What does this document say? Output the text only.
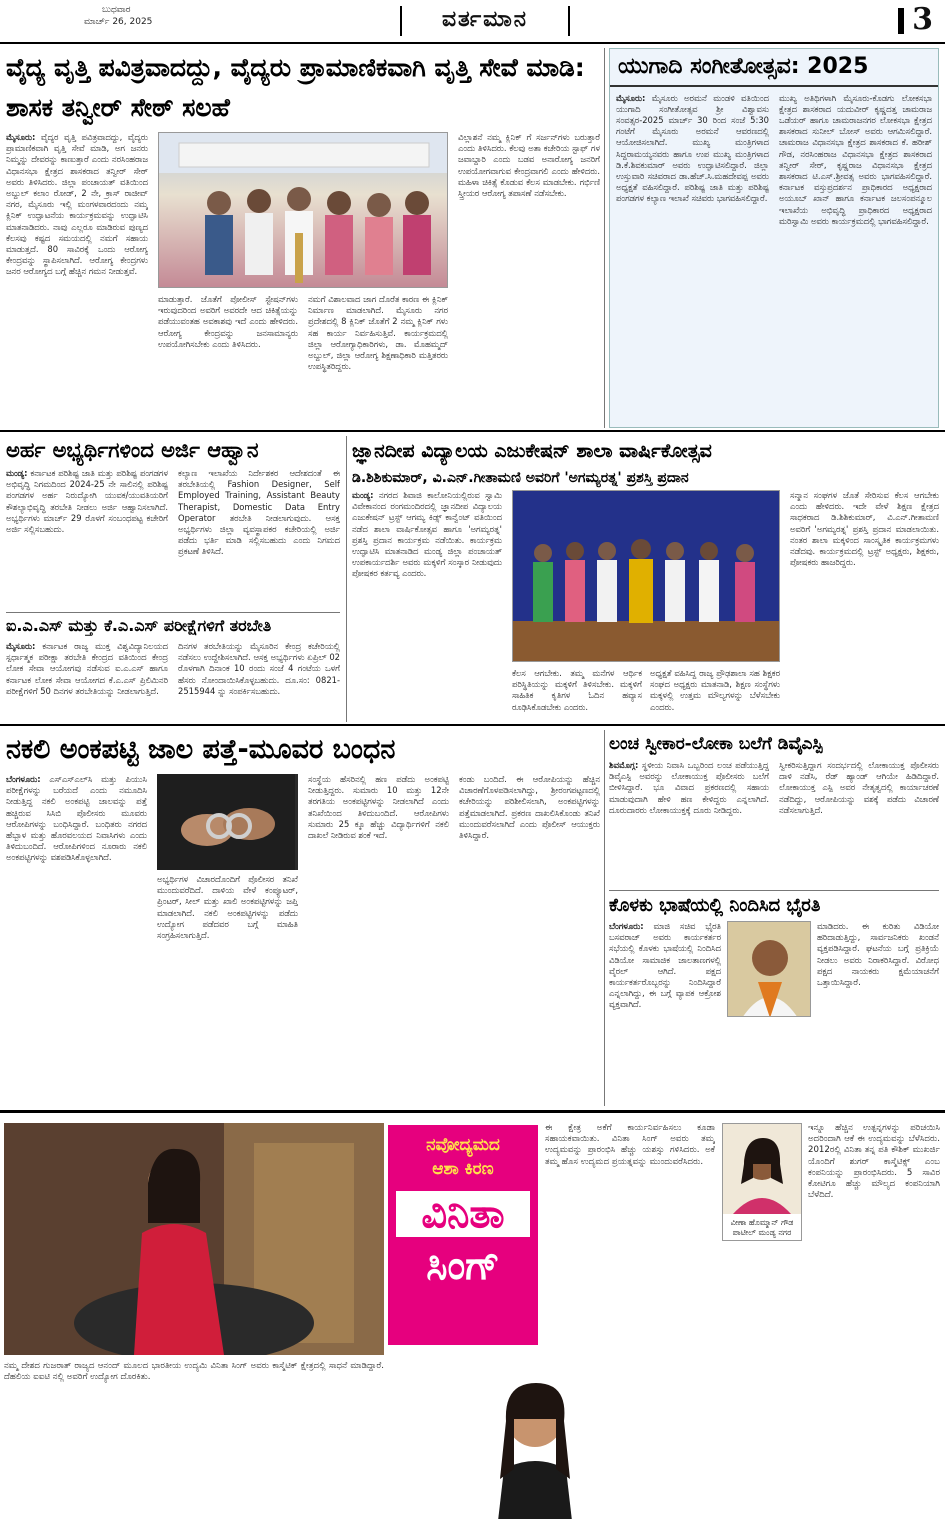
ಬುಧವಾರ
ಮಾರ್ಚ್ 26, 2025	ವರ್ತಮಾನ	3
ವೈದ್ಯ ವೃತ್ತಿ ಪವಿತ್ರವಾದದ್ದು, ವೈದ್ಯರು ಪ್ರಾಮಾಣಿಕವಾಗಿ ವೃತ್ತಿ ಸೇವೆ ಮಾಡಿ: ಶಾಸಕ ತನ್ವೀರ್ ಸೇಠ್ ಸಲಹೆ
ಮೈಸೂರು: ವೈದ್ಯರ ವೃತ್ತಿ ಪವಿತ್ರವಾದದ್ದು, ವೈದ್ಯರು ಪ್ರಾಮಾಣಿಕವಾಗಿ ವೃತ್ತಿ ಸೇವೆ ಮಾಡಿ, ಅಗ ಜನರು ನಿಮ್ಮನ್ನು ದೇವರನ್ನು ಕಾಣುತ್ತಾರೆ ಎಂದು ನರಸಿಂಹರಾಜ ವಿಧಾನಸಭಾ ಕ್ಷೇತ್ರದ ಶಾಸಕರಾದ ತನ್ವೀರ್ ಸೇಠ್ ಅವರು ತಿಳಿಸಿದರು. ಜಿಲ್ಲಾ ಪಂಚಾಯತ್ ವತಿಯಿಂದ ಅಬ್ದುಲ್ ಕಲಾಂ ರೋಡ್, 2 ನೇ, ಕ್ರಾಸ್ ರಾಜೀವ್ ನಗರ, ಮೈಸೂರು ಇಲ್ಲಿ ಮಂಗಳವಾರದಂದು ನಮ್ಮ ಕ್ಲಿನಿಕ್ ಉದ್ಘಾಟನೆಯ ಕಾರ್ಯಕ್ರಮವನ್ನು ಉದ್ಘಾಟಿಸಿ ಮಾತನಾಡಿದರು. ನಾವು ಎಲ್ಲರೂ ಮಾಡಿರುವ ಪುಣ್ಯದ ಕೆಲಸವು ಕಷ್ಟದ ಸಮಯದಲ್ಲಿ ನಮಗೆ ಸಹಾಯ ಮಾಡುತ್ತದೆ. 80 ಸಾವಿರಕ್ಕೆ ಒಂದು ಆರೋಗ್ಯ ಕೇಂದ್ರವನ್ನು ಸ್ಥಾಪಿಸಲಾಗಿದೆ. ಆರೋಗ್ಯ ಕೇಂದ್ರಗಳು ಜನರ ಆರೋಗ್ಯದ ಬಗ್ಗೆ ಹೆಚ್ಚಿನ ಗಮನ ನೀಡುತ್ತವೆ.
ಮಾಡುತ್ತಾರೆ. ಜೊತೆಗೆ ಪೋಲೀಸ್ ಸ್ಟೇಷನ್‌ಗಳು ಇರುವುದರಿಂದ ಅವರಿಗೆ ಅವರದೇ ಆದ ಚಿಕಿತ್ಸೆಯನ್ನು ಪಡೆಯುವಂತಹ ಅವಕಾಶವು ಇದೆ ಎಂದು ಹೇಳಿದರು. ಆರೋಗ್ಯ ಕೇಂದ್ರವನ್ನು ಜನಸಾಮಾನ್ಯರು ಉಪಯೋಗಿಸಬೇಕು ಎಂದು ತಿಳಿಸಿದರು.
ನಮಗೆ ವಿಶಾಲವಾದ ಜಾಗ ದೊರೆತ ಕಾರಣ ಈ ಕ್ಲಿನಿಕ್ ನಿರ್ಮಾಣ ಮಾಡಲಾಗಿದೆ. ಮೈಸೂರು ನಗರ ಪ್ರದೇಶದಲ್ಲಿ 8 ಕ್ಲಿನಿಕ್ ಜೊತೆಗೆ 2 ನಮ್ಮ ಕ್ಲಿನಿಕ್ ಗಳು ಸಹ ಕಾರ್ಯ ನಿರ್ವಹಿಸುತ್ತಿವೆ. ಕಾರ್ಯಕ್ರಮದಲ್ಲಿ ಜಿಲ್ಲಾ ಆರೋಗ್ಯಾಧಿಕಾರಿಗಳು, ಡಾ. ಮೊಹಮ್ಮದ್ ಅಬ್ದುಲ್, ಜಿಲ್ಲಾ ಆರೋಗ್ಯ ಶಿಕ್ಷಣಾಧಿಕಾರಿ ಮತ್ತಿತರರು ಉಪಸ್ಥಿತರಿದ್ದರು.
ವಿಲ್ಲಾಶನೆ ನಮ್ಮ ಕ್ಲಿನಿಕ್ ಗೆ ಸರ್ಜನ್‌ಗಳು ಬರುತ್ತಾರೆ ಎಂದು ತಿಳಿಸಿದರು. ಕೆಲವು ಅತಾ ಕಚೇರಿಯ ಸ್ಟಾಫ್ ಗಳ ಜವಾಬ್ದಾರಿ ಎಂದು ಬಡವ ಅನಾರೋಗ್ಯ ಜನರಿಗೆ ಉಪಯೋಗವಾಗುವ ಕೇಂದ್ರವಾಗಲಿ ಎಂದು ಹೇಳಿದರು. ಮಹಿಳಾ ಚಿಕಿತ್ಸೆ ಕೊಡುವ ಕೆಲಸ ಮಾಡಬೇಕು. ಗರ್ಭಿಣಿ ಸ್ತ್ರೀಯರ ಆರೋಗ್ಯ ತಪಾಸಣೆ ನಡೆಸಬೇಕು.
ಯುಗಾದಿ ಸಂಗೀತೋತ್ಸವ: 2025
ಮೈಸೂರು: ಮೈಸೂರು ಅರಮನೆ ಮಂಡಳಿ ವತಿಯಿಂದ ಯುಗಾದಿ ಸಂಗೀತೋತ್ಸವ ಶ್ರೀ ವಿಶ್ವಾವಸು ಸಂವತ್ಸರ-2025 ಮಾರ್ಚ್ 30 ರಿಂದ ಸಂಜೆ 5:30 ಗಂಟೆಗೆ ಮೈಸೂರು ಅರಮನೆ ಆವರಣದಲ್ಲಿ ಆಯೋಜಿಸಲಾಗಿದೆ. ಮುಖ್ಯ ಮಂತ್ರಿಗಳಾದ ಸಿದ್ದರಾಮಯ್ಯನವರು ಹಾಗೂ ಉಪ ಮುಖ್ಯ ಮಂತ್ರಿಗಳಾದ ಡಿ.ಕೆ.ಶಿವಕುಮಾರ್ ಅವರು ಉದ್ಘಾಟಿಸಲಿದ್ದಾರೆ. ಜಿಲ್ಲಾ ಉಸ್ತುವಾರಿ ಸಚಿವರಾದ ಡಾ.ಹೆಚ್.ಸಿ.ಮಹದೇವಪ್ಪ ಅವರು ಅಧ್ಯಕ್ಷತೆ ವಹಿಸಲಿದ್ದಾರೆ. ಪರಿಶಿಷ್ಟ ಜಾತಿ ಮತ್ತು ಪರಿಶಿಷ್ಟ ಪಂಗಡಗಳ ಕಲ್ಯಾಣ ಇಲಾಖೆ ಸಚಿವರು ಭಾಗವಹಿಸಲಿದ್ದಾರೆ.
ಮುಖ್ಯ ಅತಿಥಿಗಳಾಗಿ ಮೈಸೂರು-ಕೊಡಗು ಲೋಕಸಭಾ ಕ್ಷೇತ್ರದ ಶಾಸಕರಾದ ಯದುವೀರ್ ಕೃಷ್ಣದತ್ತ ಚಾಮರಾಜ ಒಡೆಯರ್ ಹಾಗೂ ಚಾಮರಾಜನಗರ ಲೋಕಸಭಾ ಕ್ಷೇತ್ರದ ಶಾಸಕರಾದ ಸುನೀಲ್ ಬೋಸ್ ಅವರು ಆಗಮಿಸಲಿದ್ದಾರೆ. ಚಾಮರಾಜ ವಿಧಾನಸಭಾ ಕ್ಷೇತ್ರದ ಶಾಸಕರಾದ ಕೆ. ಹರೀಶ್ ಗೌಡ, ನರಸಿಂಹರಾಜ ವಿಧಾನಸಭಾ ಕ್ಷೇತ್ರದ ಶಾಸಕರಾದ ತನ್ವೀರ್ ಸೇಠ್, ಕೃಷ್ಣರಾಜ ವಿಧಾನಸಭಾ ಕ್ಷೇತ್ರದ ಶಾಸಕರಾದ ಟಿ.ಎಸ್.ಶ್ರೀವತ್ಸ ಅವರು ಭಾಗವಹಿಸಲಿದ್ದಾರೆ. ಕರ್ನಾಟಕ ವಸ್ತುಪ್ರದರ್ಶನ ಪ್ರಾಧಿಕಾರದ ಅಧ್ಯಕ್ಷರಾದ ಅಯೂಬ್ ಖಾನ್ ಹಾಗೂ ಕರ್ನಾಟಕ ಜಲಸಂಪನ್ಮೂಲ ಇಲಾಖೆಯ ಅಭಿವೃದ್ಧಿ ಪ್ರಾಧಿಕಾರದ ಅಧ್ಯಕ್ಷರಾದ ಮರಿಸ್ವಾಮಿ ಅವರು ಕಾರ್ಯಕ್ರಮದಲ್ಲಿ ಭಾಗವಹಿಸಲಿದ್ದಾರೆ.
ಅರ್ಹ ಅಭ್ಯರ್ಥಿಗಳಿಂದ ಅರ್ಜಿ ಆಹ್ವಾನ
ಮಂಡ್ಯ: ಕರ್ನಾಟಕ ಪರಿಶಿಷ್ಟ ಜಾತಿ ಮತ್ತು ಪರಿಶಿಷ್ಟ ಪಂಗಡಗಳ ಅಭಿವೃದ್ಧಿ ನಿಗಮದಿಂದ 2024-25 ನೇ ಸಾಲಿನಲ್ಲಿ ಪರಿಶಿಷ್ಟ ಪಂಗಡಗಳ ಅರ್ಹ ನಿರುದ್ಯೋಗಿ ಯುವಕ/ಯುವತಿಯರಿಗೆ ಕೌಶಲ್ಯಾಭಿವೃದ್ಧಿ ತರಬೇತಿ ನೀಡಲು ಅರ್ಜಿ ಆಹ್ವಾನಿಸಲಾಗಿದೆ. ಅಭ್ಯರ್ಥಿಗಳು ಮಾರ್ಚ್ 29 ರೊಳಗೆ ಸಂಬಂಧಪಟ್ಟ ಕಚೇರಿಗೆ ಅರ್ಜಿ ಸಲ್ಲಿಸಬಹುದು.
ಕಲ್ಯಾಣ ಇಲಾಖೆಯ ನಿರ್ದೇಶಕರ ಆದೇಶದಂತೆ ಈ ತರಬೇತಿಯಲ್ಲಿ Fashion Designer, Self Employed Training, Assistant Beauty Therapist, Domestic Data Entry Operator ತರಬೇತಿ ನೀಡಲಾಗುವುದು. ಆಸಕ್ತ ಅಭ್ಯರ್ಥಿಗಳು ಜಿಲ್ಲಾ ವ್ಯವಸ್ಥಾಪಕರ ಕಚೇರಿಯಲ್ಲಿ ಅರ್ಜಿ ಪಡೆದು ಭರ್ತಿ ಮಾಡಿ ಸಲ್ಲಿಸಬಹುದು ಎಂದು ನಿಗಮದ ಪ್ರಕಟಣೆ ತಿಳಿಸಿದೆ.
ಐ.ಎ.ಎಸ್ ಮತ್ತು ಕೆ.ಎ.ಎಸ್ ಪರೀಕ್ಷೆಗಳಿಗೆ ತರಬೇತಿ
ಮೈಸೂರು: ಕರ್ನಾಟಕ ರಾಜ್ಯ ಮುಕ್ತ ವಿಶ್ವವಿದ್ಯಾನಿಲಯದ ಸ್ಪರ್ಧಾತ್ಮಕ ಪರೀಕ್ಷಾ ತರಬೇತಿ ಕೇಂದ್ರದ ವತಿಯಿಂದ ಕೇಂದ್ರ ಲೋಕ ಸೇವಾ ಆಯೋಗವು ನಡೆಸುವ ಐ.ಎ.ಎಸ್ ಹಾಗೂ ಕರ್ನಾಟಕ ಲೋಕ ಸೇವಾ ಆಯೋಗದ ಕೆ.ಎ.ಎಸ್ ಪ್ರಿಲಿಮಿನರಿ ಪರೀಕ್ಷೆಗಳಿಗೆ 50 ದಿನಗಳ ತರಬೇತಿಯನ್ನು ನೀಡಲಾಗುತ್ತಿದೆ.
ದಿನಗಳ ತರಬೇತಿಯನ್ನು ಮೈಸೂರಿನ ಕೇಂದ್ರ ಕಚೇರಿಯಲ್ಲಿ ನಡೆಸಲು ಉದ್ದೇಶಿಸಲಾಗಿದೆ. ಆಸಕ್ತ ಅಭ್ಯರ್ಥಿಗಳು ಏಪ್ರಿಲ್ 02 ರೊಳಗಾಗಿ ದಿನಾಂಕ 10 ರಂದು ಸಂಜೆ 4 ಗಂಟೆಯ ಒಳಗೆ ಹೆಸರು ನೋಂದಾಯಿಸಿಕೊಳ್ಳಬಹುದು. ದೂ.ಸಂ: 0821-2515944 ನ್ನು ಸಂಪರ್ಕಿಸಬಹುದು.
ಜ್ಞಾನದೀಪ ವಿದ್ಯಾಲಯ ಎಜುಕೇಷನ್ ಶಾಲಾ ವಾರ್ಷಿಕೋತ್ಸವ
ಡಿ.ಶಿಶಿಕುಮಾರ್, ವಿ.ಎನ್.ಗೀತಾಮಣಿ ಅವರಿಗೆ 'ಅಗಮ್ಯರತ್ನ' ಪ್ರಶಸ್ತಿ ಪ್ರದಾನ
ಮಂಡ್ಯ: ನಗರದ ಶಿವಾಜಿ ಕಾಲೋನಿಯಲ್ಲಿರುವ ಸ್ವಾಮಿ ವಿವೇಕಾನಂದ ರಂಗಮಂದಿರದಲ್ಲಿ ಜ್ಞಾನದೀಪ ವಿದ್ಯಾಲಯ ಎಜುಕೇಷನ್ ಟ್ರಸ್ಟ್ ಆಗಮ್ಯ ಕಿಡ್ಸ್ ಕಾನ್ವೆಂಟ್ ವತಿಯಿಂದ ನಡೆದ ಶಾಲಾ ವಾರ್ಷಿಕೋತ್ಸವ ಹಾಗೂ 'ಅಗಮ್ಯರತ್ನ' ಪ್ರಶಸ್ತಿ ಪ್ರದಾನ ಕಾರ್ಯಕ್ರಮ ನಡೆಯಿತು. ಕಾರ್ಯಕ್ರಮ ಉದ್ಘಾಟಿಸಿ ಮಾತನಾಡಿದ ಮಂಡ್ಯ ಜಿಲ್ಲಾ ಪಂಚಾಯತ್ ಉಪಕಾರ್ಯದರ್ಶಿ ಅವರು ಮಕ್ಕಳಿಗೆ ಸಂಸ್ಕಾರ ನೀಡುವುದು ಪೋಷಕರ ಕರ್ತವ್ಯ ಎಂದರು.
ಸನ್ಮಾನ ಸಂಘಗಳ ಜೊತೆ ಸೇರಿಸುವ ಕೆಲಸ ಆಗಬೇಕು ಎಂದು ಹೇಳಿದರು. ಇದೇ ವೇಳೆ ಶಿಕ್ಷಣ ಕ್ಷೇತ್ರದ ಸಾಧಕರಾದ ಡಿ.ಶಿಶಿಕುಮಾರ್, ವಿ.ಎನ್.ಗೀತಾಮಣಿ ಅವರಿಗೆ 'ಅಗಮ್ಯರತ್ನ' ಪ್ರಶಸ್ತಿ ಪ್ರದಾನ ಮಾಡಲಾಯಿತು. ನಂತರ ಶಾಲಾ ಮಕ್ಕಳಿಂದ ಸಾಂಸ್ಕೃತಿಕ ಕಾರ್ಯಕ್ರಮಗಳು ನಡೆದವು. ಕಾರ್ಯಕ್ರಮದಲ್ಲಿ ಟ್ರಸ್ಟ್ ಅಧ್ಯಕ್ಷರು, ಶಿಕ್ಷಕರು, ಪೋಷಕರು ಹಾಜರಿದ್ದರು.
ಕೆಲಸ ಆಗಬೇಕು. ತಮ್ಮ ಮನೆಗಳ ಆರ್ಥಿಕ ಪರಿಸ್ಥಿತಿಯನ್ನು ಮಕ್ಕಳಿಗೆ ತಿಳಿಸಬೇಕು. ಮಕ್ಕಳಿಗೆ ಸಾಹಿತಿಕ ಕೃತಿಗಳ ಓದಿನ ಹವ್ಯಾಸ ರೂಢಿಸಿಕೊಡಬೇಕು ಎಂದರು.
ಅಧ್ಯಕ್ಷತೆ ವಹಿಸಿದ್ದ ರಾಜ್ಯ ಪ್ರೌಢಶಾಲಾ ಸಹ ಶಿಕ್ಷಕರ ಸಂಘದ ಅಧ್ಯಕ್ಷರು ಮಾತನಾಡಿ, ಶಿಕ್ಷಣ ಸಂಸ್ಥೆಗಳು ಮಕ್ಕಳಲ್ಲಿ ಉತ್ತಮ ಮೌಲ್ಯಗಳನ್ನು ಬೆಳೆಸಬೇಕು ಎಂದರು.
ನಕಲಿ ಅಂಕಪಟ್ಟಿ ಜಾಲ ಪತ್ತೆ-ಮೂವರ ಬಂಧನ
ಬೆಂಗಳೂರು: ಎಸ್‌ಎಸ್‌ಎಲ್‌ಸಿ ಮತ್ತು ಪಿಯುಸಿ ಪರೀಕ್ಷೆಗಳನ್ನು ಬರೆಯದೆ ಎಂದು ನಮೂದಿಸಿ ನೀಡುತ್ತಿದ್ದ ನಕಲಿ ಅಂಕಪಟ್ಟಿ ಜಾಲವನ್ನು ಪತ್ತೆ ಹಚ್ಚಿರುವ ಸಿಸಿಬಿ ಪೊಲೀಸರು ಮೂವರು ಆರೋಪಿಗಳನ್ನು ಬಂಧಿಸಿದ್ದಾರೆ. ಬಂಧಿತರು ನಗರದ ಹೆಬ್ಬಾಳ ಮತ್ತು ಹೊರವಲಯದ ನಿವಾಸಿಗಳು ಎಂದು ತಿಳಿದುಬಂದಿದೆ. ಆರೋಪಿಗಳಿಂದ ನೂರಾರು ನಕಲಿ ಅಂಕಪಟ್ಟಿಗಳನ್ನು ವಶಪಡಿಸಿಕೊಳ್ಳಲಾಗಿದೆ.
ಅಭ್ಯರ್ಥಿಗಳ ವಿಚಾರದೊಂದಿಗೆ ಪೊಲೀಸರ ತನಿಖೆ ಮುಂದುವರೆದಿದೆ. ದಾಳಿಯ ವೇಳೆ ಕಂಪ್ಯೂಟರ್, ಪ್ರಿಂಟರ್, ಸೀಲ್ ಮತ್ತು ಖಾಲಿ ಅಂಕಪಟ್ಟಿಗಳನ್ನು ಜಪ್ತಿ ಮಾಡಲಾಗಿದೆ. ನಕಲಿ ಅಂಕಪಟ್ಟಿಗಳನ್ನು ಪಡೆದು ಉದ್ಯೋಗ ಪಡೆದವರ ಬಗ್ಗೆ ಮಾಹಿತಿ ಸಂಗ್ರಹಿಸಲಾಗುತ್ತಿದೆ.
ಸಂಸ್ಥೆಯ ಹೆಸರಿನಲ್ಲಿ ಹಣ ಪಡೆದು ಅಂಕಪಟ್ಟಿ ನೀಡುತ್ತಿದ್ದರು. ಸುಮಾರು 10 ಮತ್ತು 12ನೇ ತರಗತಿಯ ಅಂಕಪಟ್ಟಿಗಳನ್ನು ನೀಡಲಾಗಿದೆ ಎಂದು ತನಿಖೆಯಿಂದ ತಿಳಿದುಬಂದಿದೆ. ಆರೋಪಿಗಳು ಸುಮಾರು 25 ಕ್ಕೂ ಹೆಚ್ಚು ವಿದ್ಯಾರ್ಥಿಗಳಿಗೆ ನಕಲಿ ದಾಖಲೆ ನೀಡಿರುವ ಶಂಕೆ ಇದೆ.
ಕಂಡು ಬಂದಿದೆ. ಈ ಆರೋಪಿಯನ್ನು ಹೆಚ್ಚಿನ ವಿಚಾರಣೆಗೊಳಪಡಿಸಲಾಗಿದ್ದು, ಶ್ರೀರಂಗಪಟ್ಟಣದಲ್ಲಿ ಕಚೇರಿಯನ್ನು ಪರಿಶೀಲಿಸಲಾಗಿ, ಅಂಕಪಟ್ಟಿಗಳನ್ನು ಪತ್ತೆಮಾಡಲಾಗಿದೆ. ಪ್ರಕರಣ ದಾಖಲಿಸಿಕೊಂಡು ತನಿಖೆ ಮುಂದುವರೆಸಲಾಗಿದೆ ಎಂದು ಪೊಲೀಸ್ ಆಯುಕ್ತರು ತಿಳಿಸಿದ್ದಾರೆ.
ಲಂಚ ಸ್ವೀಕಾರ-ಲೋಕಾ ಬಲೆಗೆ ಡಿವೈಎಸ್ಪಿ
ಶಿವಮೊಗ್ಗ: ಸ್ಥಳೀಯ ನಿವಾಸಿ ಒಬ್ಬರಿಂದ ಲಂಚ ಪಡೆಯುತ್ತಿದ್ದ ಡಿವೈಎಸ್ಪಿ ಅವರನ್ನು ಲೋಕಾಯುಕ್ತ ಪೊಲೀಸರು ಬಲೆಗೆ ಬೀಳಿಸಿದ್ದಾರೆ. ಭೂ ವಿವಾದ ಪ್ರಕರಣದಲ್ಲಿ ಸಹಾಯ ಮಾಡುವುದಾಗಿ ಹೇಳಿ ಹಣ ಕೇಳಿದ್ದರು ಎನ್ನಲಾಗಿದೆ. ದೂರುದಾರರು ಲೋಕಾಯುಕ್ತಕ್ಕೆ ದೂರು ನೀಡಿದ್ದರು.
ಸ್ವೀಕರಿಸುತ್ತಿದ್ದಾಗ ಸಂದರ್ಭದಲ್ಲಿ ಲೋಕಾಯುಕ್ತ ಪೊಲೀಸರು ದಾಳಿ ನಡೆಸಿ, ರೆಡ್ ಹ್ಯಾಂಡ್ ಆಗಿಯೇ ಹಿಡಿದಿದ್ದಾರೆ. ಲೋಕಾಯುಕ್ತ ಎಸ್ಪಿ ಅವರ ನೇತೃತ್ವದಲ್ಲಿ ಕಾರ್ಯಾಚರಣೆ ನಡೆದಿದ್ದು, ಆರೋಪಿಯನ್ನು ವಶಕ್ಕೆ ಪಡೆದು ವಿಚಾರಣೆ ನಡೆಸಲಾಗುತ್ತಿದೆ.
ಕೊಳಕು ಭಾಷೆಯಲ್ಲಿ ನಿಂದಿಸಿದ ಭೈರತಿ
ಬೆಂಗಳೂರು: ಮಾಜಿ ಸಚಿವ ಭೈರತಿ ಬಸವರಾಜ್ ಅವರು ಕಾರ್ಯಕರ್ತರ ಸಭೆಯಲ್ಲಿ ಕೊಳಕು ಭಾಷೆಯಲ್ಲಿ ನಿಂದಿಸಿದ ವಿಡಿಯೋ ಸಾಮಾಜಿಕ ಜಾಲತಾಣಗಳಲ್ಲಿ ವೈರಲ್ ಆಗಿದೆ. ಪಕ್ಷದ ಕಾರ್ಯಕರ್ತರೊಬ್ಬರನ್ನು ನಿಂದಿಸಿದ್ದಾರೆ ಎನ್ನಲಾಗಿದ್ದು, ಈ ಬಗ್ಗೆ ವ್ಯಾಪಕ ಆಕ್ರೋಶ ವ್ಯಕ್ತವಾಗಿದೆ.
ಮಾಡಿದರು. ಈ ಕುರಿತು ವಿಡಿಯೋ ಹರಿದಾಡುತ್ತಿದ್ದು, ಸಾರ್ವಜನಿಕರು ಖಂಡನೆ ವ್ಯಕ್ತಪಡಿಸಿದ್ದಾರೆ. ಘಟನೆಯ ಬಗ್ಗೆ ಪ್ರತಿಕ್ರಿಯೆ ನೀಡಲು ಅವರು ನಿರಾಕರಿಸಿದ್ದಾರೆ. ವಿರೋಧ ಪಕ್ಷದ ನಾಯಕರು ಕ್ಷಮೆಯಾಚನೆಗೆ ಒತ್ತಾಯಿಸಿದ್ದಾರೆ.
ನಮ್ಮ ದೇಶದ ಗುಜರಾತ್ ರಾಜ್ಯದ ಆನಂದ್ ಮೂಲದ ಭಾರತೀಯ ಉದ್ಯಮಿ ವಿನಿತಾ ಸಿಂಗ್ ಅವರು ಕಾಸ್ಮೆಟಿಕ್ ಕ್ಷೇತ್ರದಲ್ಲಿ ಸಾಧನೆ ಮಾಡಿದ್ದಾರೆ. ದೆಹಲಿಯ ಐಐಟಿ ನಲ್ಲಿ ಅವರಿಗೆ ಉದ್ಯೋಗ ದೊರಕಿತು.
ನವೋದ್ಯಮದ
ಆಶಾ ಕಿರಣ
ವಿನಿತಾ
ಸಿಂಗ್
ಈ ಕ್ಷೇತ್ರ ಅಕೆಗೆ ಕಾರ್ಯನಿರ್ವಹಿಸಲು ಕೂಡಾ ಸಹಾಯಕವಾಯಿತು. ವಿನಿತಾ ಸಿಂಗ್ ಅವರು ತಮ್ಮ ಉದ್ಯಮವನ್ನು ಪ್ರಾರಂಭಿಸಿ ಹೆಚ್ಚು ಯಶಸ್ಸು ಗಳಿಸಿದರು. ಅಕೆ ತಮ್ಮ ಹೊಸ ಉದ್ಯಮದ ಪ್ರಯತ್ನವನ್ನು ಮುಂದುವರೆಸಿದರು.
ವೀಣಾ ಹೊಮ್ಮಾನ್ ಗೌಡ
ಪಾಟೀಲ್ ಮಂಡ್ಯ ನಗರ
ಇನ್ನೂ ಹೆಚ್ಚಿನ ಉತ್ಪನ್ನಗಳನ್ನು ಪರಿಚಯಿಸಿ ಅದರಿಂದಾಗಿ ಆಕೆ ಈ ಉದ್ಯಮವನ್ನು ಬೆಳೆಸಿದರು. 2012ರಲ್ಲಿ ವಿನಿತಾ ತನ್ನ ಪತಿ ಕೌಶಿಕ್ ಮುಖರ್ಜಿ ಯೊಂದಿಗೆ ಶುಗರ್ ಕಾಸ್ಮೆಟಿಕ್ಸ್ ಎಂಬ ಕಂಪನಿಯನ್ನು ಪ್ರಾರಂಭಿಸಿದರು. 5 ಸಾವಿರ ಕೋಟಿಗೂ ಹೆಚ್ಚು ಮೌಲ್ಯದ ಕಂಪನಿಯಾಗಿ ಬೆಳೆದಿದೆ.
